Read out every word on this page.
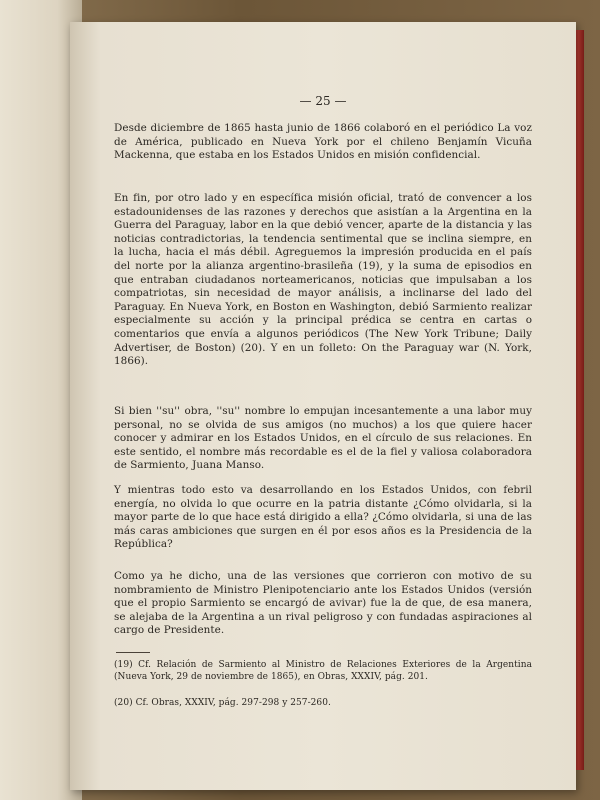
— 25 —

Desde diciembre de 1865 hasta junio de 1866 colaboró en el periódico La voz de América, publicado en Nueva York por el chileno Benjamín Vicuña Mackenna, que estaba en los Estados Unidos en misión confidencial.

En fin, por otro lado y en específica misión oficial, trató de convencer a los estadounidenses de las razones y derechos que asistían a la Argentina en la Guerra del Paraguay, labor en la que debió vencer, aparte de la distancia y las noticias contradictorias, la tendencia sentimental que se inclina siempre, en la lucha, hacia el más débil. Agreguemos la impresión producida en el país del norte por la alianza argentino-brasileña (19), y la suma de episodios en que entraban ciudadanos norteamericanos, noticias que impulsaban a los compatriotas, sin necesidad de mayor análisis, a inclinarse del lado del Paraguay. En Nueva York, en Boston en Washington, debió Sarmiento realizar especialmente su acción y la principal prédica se centra en cartas o comentarios que envía a algunos periódicos (The New York Tribune; Daily Advertiser, de Boston) (20). Y en un folleto: On the Paraguay war (N. York, 1866).

Si bien ''su'' obra, ''su'' nombre lo empujan incesantemente a una labor muy personal, no se olvida de sus amigos (no muchos) a los que quiere hacer conocer y admirar en los Estados Unidos, en el círculo de sus relaciones. En este sentido, el nombre más recordable es el de la fiel y valiosa colaboradora de Sarmiento, Juana Manso.

Y mientras todo esto va desarrollando en los Estados Unidos, con febril energía, no olvida lo que ocurre en la patria distante ¿Cómo olvidarla, si la mayor parte de lo que hace está dirigido a ella? ¿Cómo olvidarla, si una de las más caras ambiciones que surgen en él por esos años es la Presidencia de la República?

Como ya he dicho, una de las versiones que corrieron con motivo de su nombramiento de Ministro Plenipotenciario ante los Estados Unidos (versión que el propio Sarmiento se encargó de avivar) fue la de que, de esa manera, se alejaba de la Argentina a un rival peligroso y con fundadas aspiraciones al cargo de Presidente.

(19) Cf. Relación de Sarmiento al Ministro de Relaciones Exteriores de la Argentina (Nueva York, 29 de noviembre de 1865), en Obras, XXXIV, pág. 201.

(20) Cf. Obras, XXXIV, pág. 297-298 y 257-260.
